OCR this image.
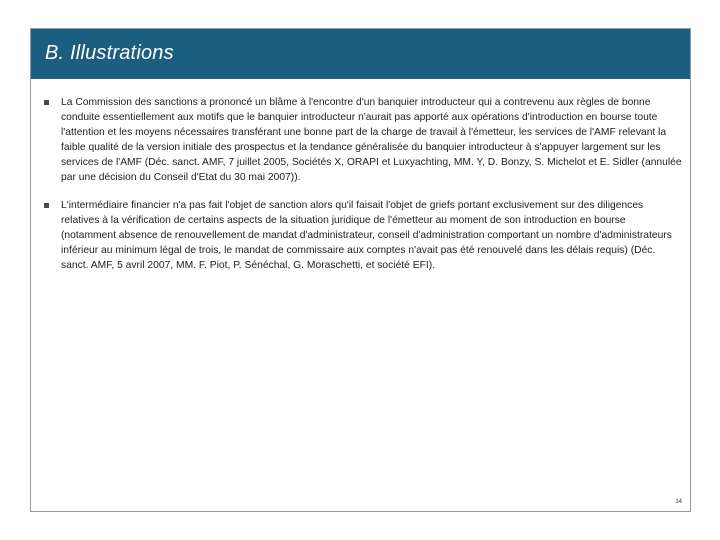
B. Illustrations
La Commission des sanctions a prononcé un blâme à l'encontre d'un banquier introducteur qui a contrevenu aux règles de bonne conduite essentiellement aux motifs que le banquier introducteur n'aurait pas apporté aux opérations d'introduction en bourse toute l'attention et les moyens nécessaires transférant une bonne part de la charge de travail à l'émetteur, les services de l'AMF relevant la faible qualité de la version initiale des prospectus et la tendance généralisée du banquier introducteur à s'appuyer largement sur les services de l'AMF (Déc. sanct. AMF, 7 juillet 2005, Sociétés X, ORAPI et Luxyachting, MM. Y, D. Bonzy, S. Michelot et E. Sidler (annulée par une décision du Conseil d'Etat du 30 mai 2007)).
L'intermédiaire financier n'a pas fait l'objet de sanction alors qu'il faisait l'objet de griefs portant exclusivement sur des diligences relatives à la vérification de certains aspects de la situation juridique de l'émetteur au moment de son introduction en bourse (notamment absence de renouvellement de mandat d'administrateur, conseil d'administration comportant un nombre d'administrateurs inférieur au minimum légal de trois, le mandat de commissaire aux comptes n'avait pas été renouvelé dans les délais requis) (Déc. sanct. AMF, 5 avril 2007, MM. F. Piot, P. Sénéchal, G. Moraschetti, et société EFI).
14
